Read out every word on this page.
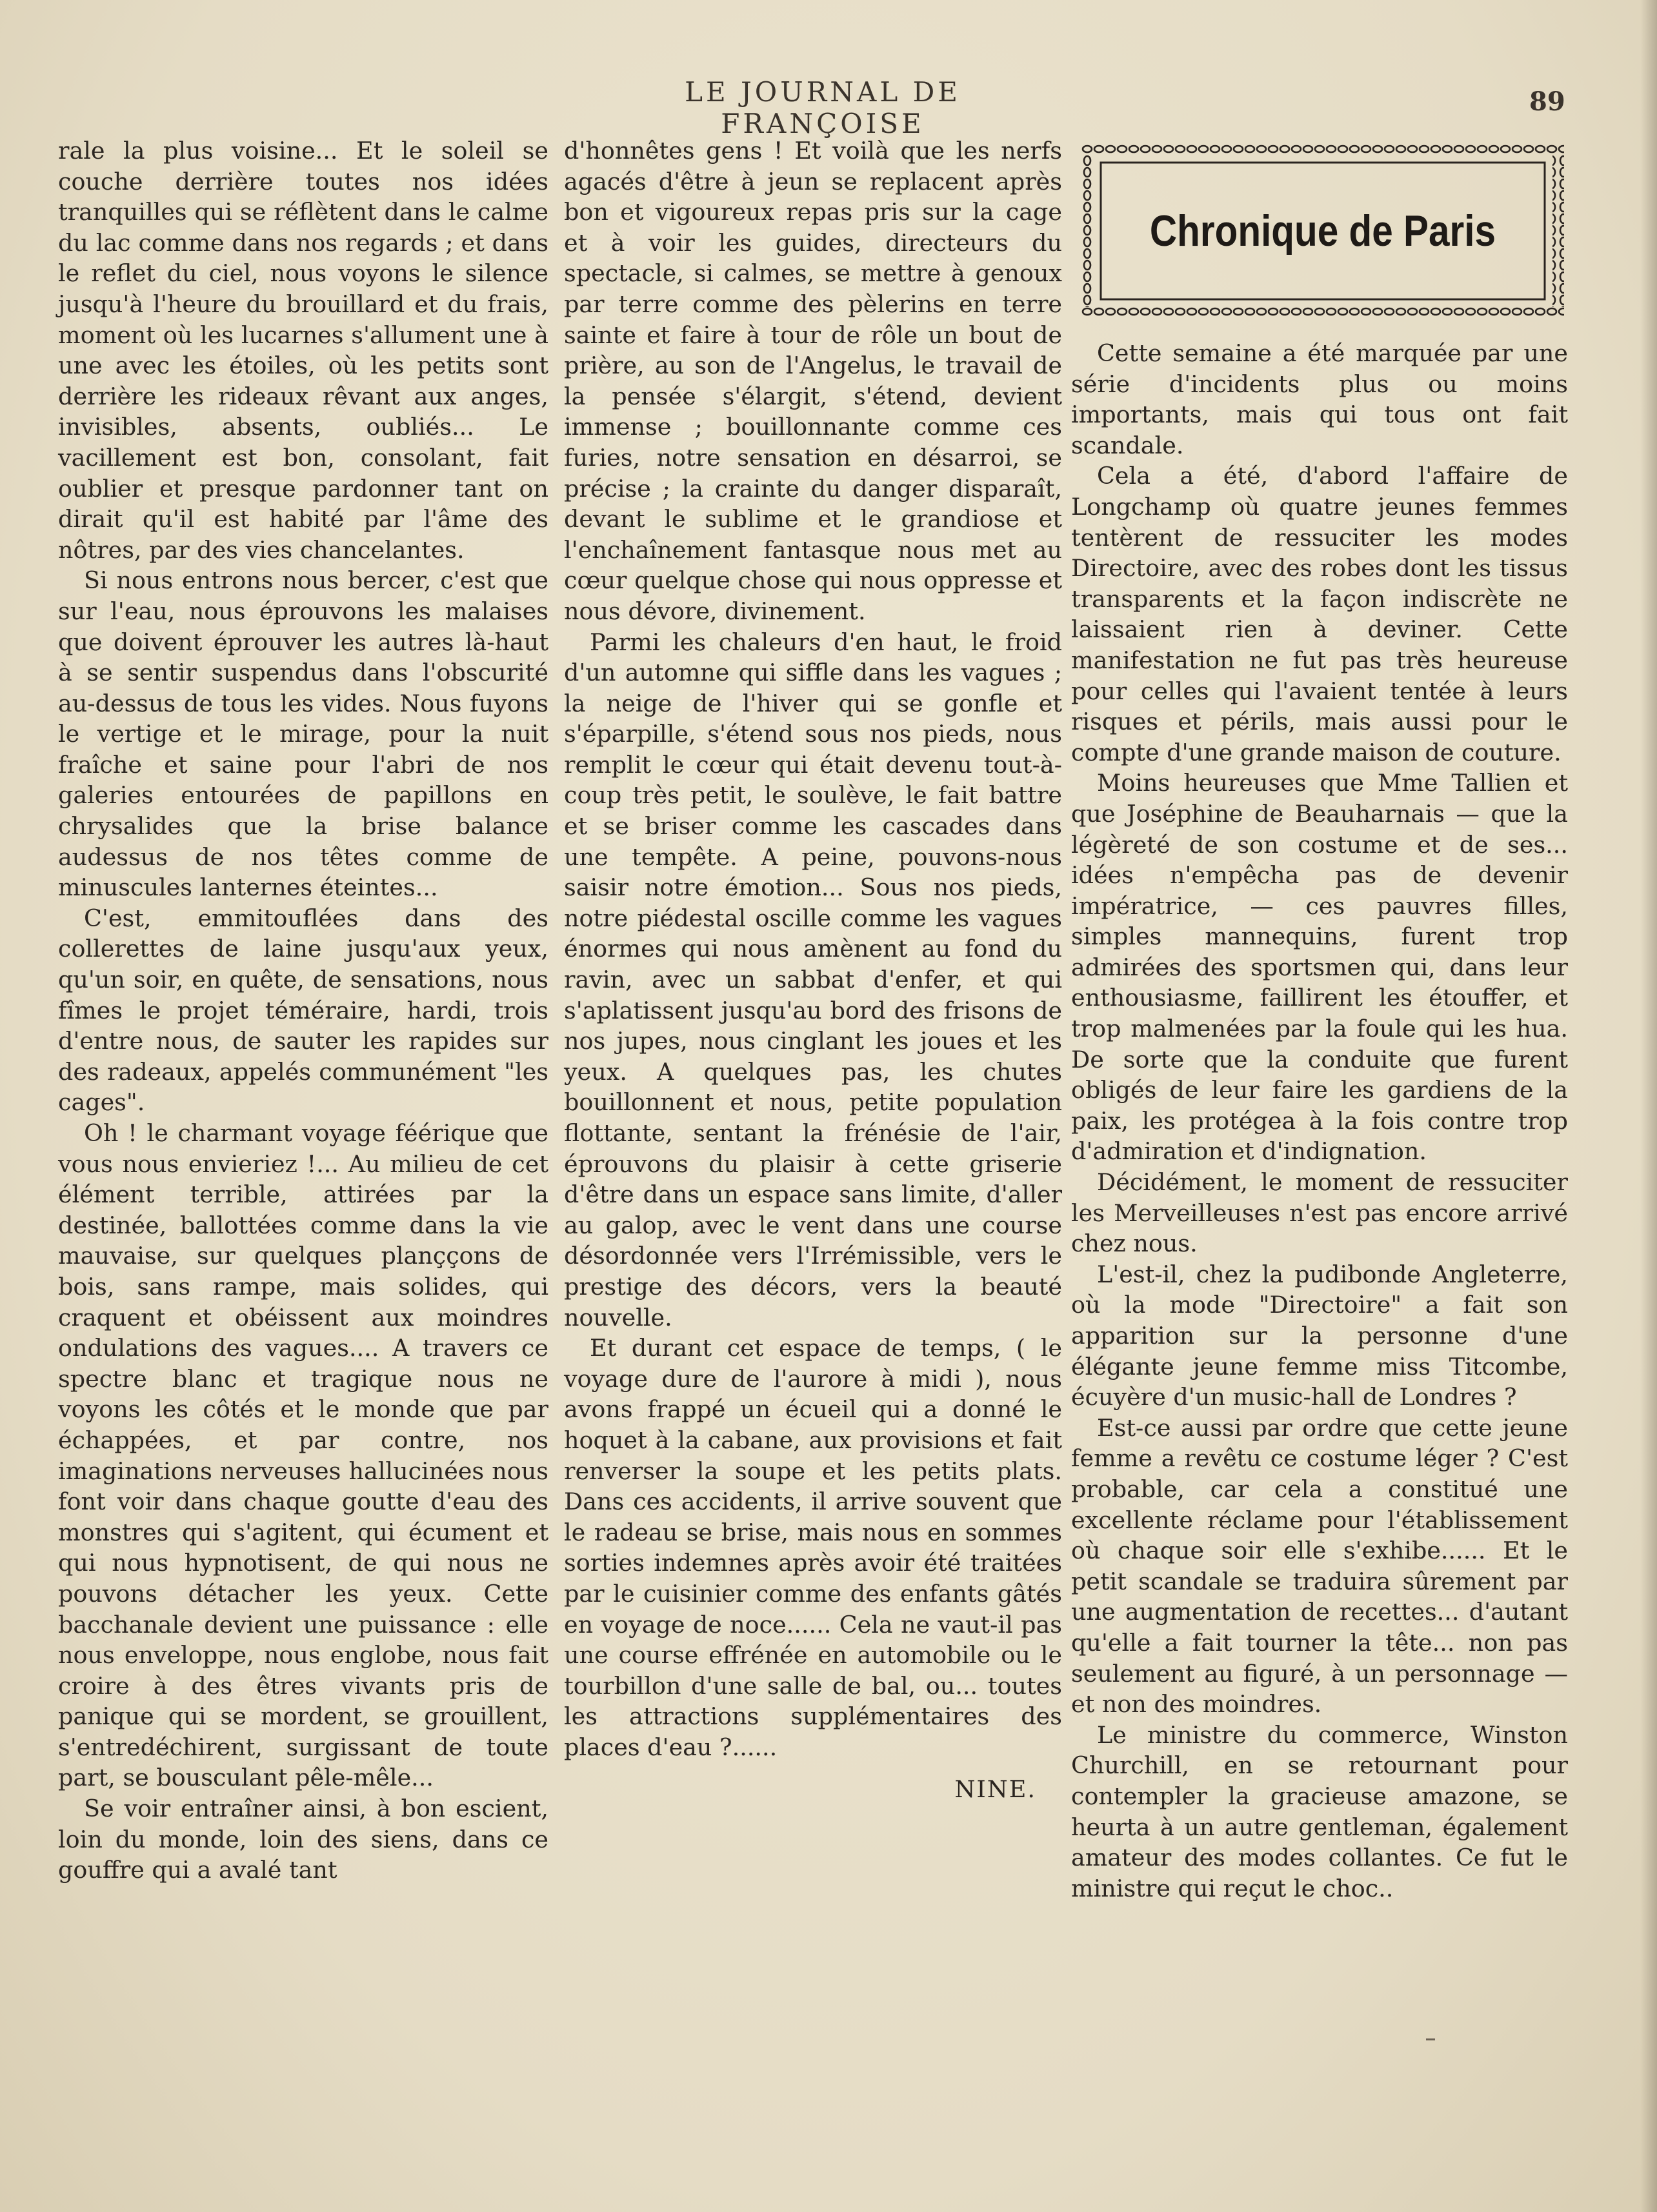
LE JOURNAL DE FRANÇOISE
89

rale la plus voisine... Et le soleil se couche derrière toutes nos idées tranquilles qui se réflètent dans le calme du lac comme dans nos regards ; et dans le reflet du ciel, nous voyons le silence jusqu'à l'heure du brouillard et du frais, moment où les lucarnes s'allument une à une avec les étoiles, où les petits sont derrière les rideaux rêvant aux anges, invisibles, absents, oubliés... Le vacillement est bon, consolant, fait oublier et presque pardonner tant on dirait qu'il est habité par l'âme des nôtres, par des vies chancelantes.

Si nous entrons nous bercer, c'est que sur l'eau, nous éprouvons les malaises que doivent éprouver les autres là-haut à se sentir suspendus dans l'obscurité au-dessus de tous les vides. Nous fuyons le vertige et le mirage, pour la nuit fraîche et saine pour l'abri de nos galeries entourées de papillons en chrysalides que la brise balance audessus de nos têtes comme de minuscules lanternes éteintes...

C'est, emmitouflées dans des collerettes de laine jusqu'aux yeux, qu'un soir, en quête, de sensations, nous fîmes le projet téméraire, hardi, trois d'entre nous, de sauter les rapides sur des radeaux, appelés communément "les cages".

Oh ! le charmant voyage féérique que vous nous envieriez !... Au milieu de cet élément terrible, attirées par la destinée, ballottées comme dans la vie mauvaise, sur quelques planççons de bois, sans rampe, mais solides, qui craquent et obéissent aux moindres ondulations des vagues.... A travers ce spectre blanc et tragique nous ne voyons les côtés et le monde que par échappées, et par contre, nos imaginations nerveuses hallucinées nous font voir dans chaque goutte d'eau des monstres qui s'agitent, qui écument et qui nous hypnotisent, de qui nous ne pouvons détacher les yeux. Cette bacchanale devient une puissance : elle nous enveloppe, nous englobe, nous fait croire à des êtres vivants pris de panique qui se mordent, se grouillent, s'entredéchirent, surgissant de toute part, se bousculant pêle-mêle...

Se voir entraîner ainsi, à bon escient, loin du monde, loin des siens, dans ce gouffre qui a avalé tant

d'honnêtes gens ! Et voilà que les nerfs agacés d'être à jeun se replacent après bon et vigoureux repas pris sur la cage et à voir les guides, directeurs du spectacle, si calmes, se mettre à genoux par terre comme des pèlerins en terre sainte et faire à tour de rôle un bout de prière, au son de l'Angelus, le travail de la pensée s'élargit, s'étend, devient immense ; bouillonnante comme ces furies, notre sensation en désarroi, se précise ; la crainte du danger disparaît, devant le sublime et le grandiose et l'enchaînement fantasque nous met au cœur quelque chose qui nous oppresse et nous dévore, divinement.

Parmi les chaleurs d'en haut, le froid d'un automne qui siffle dans les vagues ; la neige de l'hiver qui se gonfle et s'éparpille, s'étend sous nos pieds, nous remplit le cœur qui était devenu tout-à-coup très petit, le soulève, le fait battre et se briser comme les cascades dans une tempête. A peine, pouvons-nous saisir notre émotion... Sous nos pieds, notre piédestal oscille comme les vagues énormes qui nous amènent au fond du ravin, avec un sabbat d'enfer, et qui s'aplatissent jusqu'au bord des frisons de nos jupes, nous cinglant les joues et les yeux. A quelques pas, les chutes bouillonnent et nous, petite population flottante, sentant la frénésie de l'air, éprouvons du plaisir à cette griserie d'être dans un espace sans limite, d'aller au galop, avec le vent dans une course désordonnée vers l'Irrémissible, vers le prestige des décors, vers la beauté nouvelle.

Et durant cet espace de temps, ( le voyage dure de l'aurore à midi ), nous avons frappé un écueil qui a donné le hoquet à la cabane, aux provisions et fait renverser la soupe et les petits plats. Dans ces accidents, il arrive souvent que le radeau se brise, mais nous en sommes sorties indemnes après avoir été traitées par le cuisinier comme des enfants gâtés en voyage de noce...... Cela ne vaut-il pas une course effrénée en automobile ou le tourbillon d'une salle de bal, ou... toutes les attractions supplémentaires des places d'eau ?......

NINE.
Chronique de Paris

Cette semaine a été marquée par une série d'incidents plus ou moins importants, mais qui tous ont fait scandale.

Cela a été, d'abord l'affaire de Longchamp où quatre jeunes femmes tentèrent de ressuciter les modes Directoire, avec des robes dont les tissus transparents et la façon indiscrète ne laissaient rien à deviner. Cette manifestation ne fut pas très heureuse pour celles qui l'avaient tentée à leurs risques et périls, mais aussi pour le compte d'une grande maison de couture.

Moins heureuses que Mme Tallien et que Joséphine de Beauharnais — que la légèreté de son costume et de ses... idées n'empêcha pas de devenir impératrice, — ces pauvres filles, simples mannequins, furent trop admirées des sportsmen qui, dans leur enthousiasme, faillirent les étouffer, et trop malmenées par la foule qui les hua. De sorte que la conduite que furent obligés de leur faire les gardiens de la paix, les protégea à la fois contre trop d'admiration et d'indignation.

Décidément, le moment de ressuciter les Merveilleuses n'est pas encore arrivé chez nous.

L'est-il, chez la pudibonde Angleterre, où la mode "Directoire" a fait son apparition sur la personne d'une élégante jeune femme miss Titcombe, écuyère d'un music-hall de Londres ?

Est-ce aussi par ordre que cette jeune femme a revêtu ce costume léger ? C'est probable, car cela a constitué une excellente réclame pour l'établissement où chaque soir elle s'exhibe...... Et le petit scandale se traduira sûrement par une augmentation de recettes... d'autant qu'elle a fait tourner la tête... non pas seulement au figuré, à un personnage — et non des moindres.

Le ministre du commerce, Winston Churchill, en se retournant pour contempler la gracieuse amazone, se heurta à un autre gentleman, également amateur des modes collantes. Ce fut le ministre qui reçut le choc..
